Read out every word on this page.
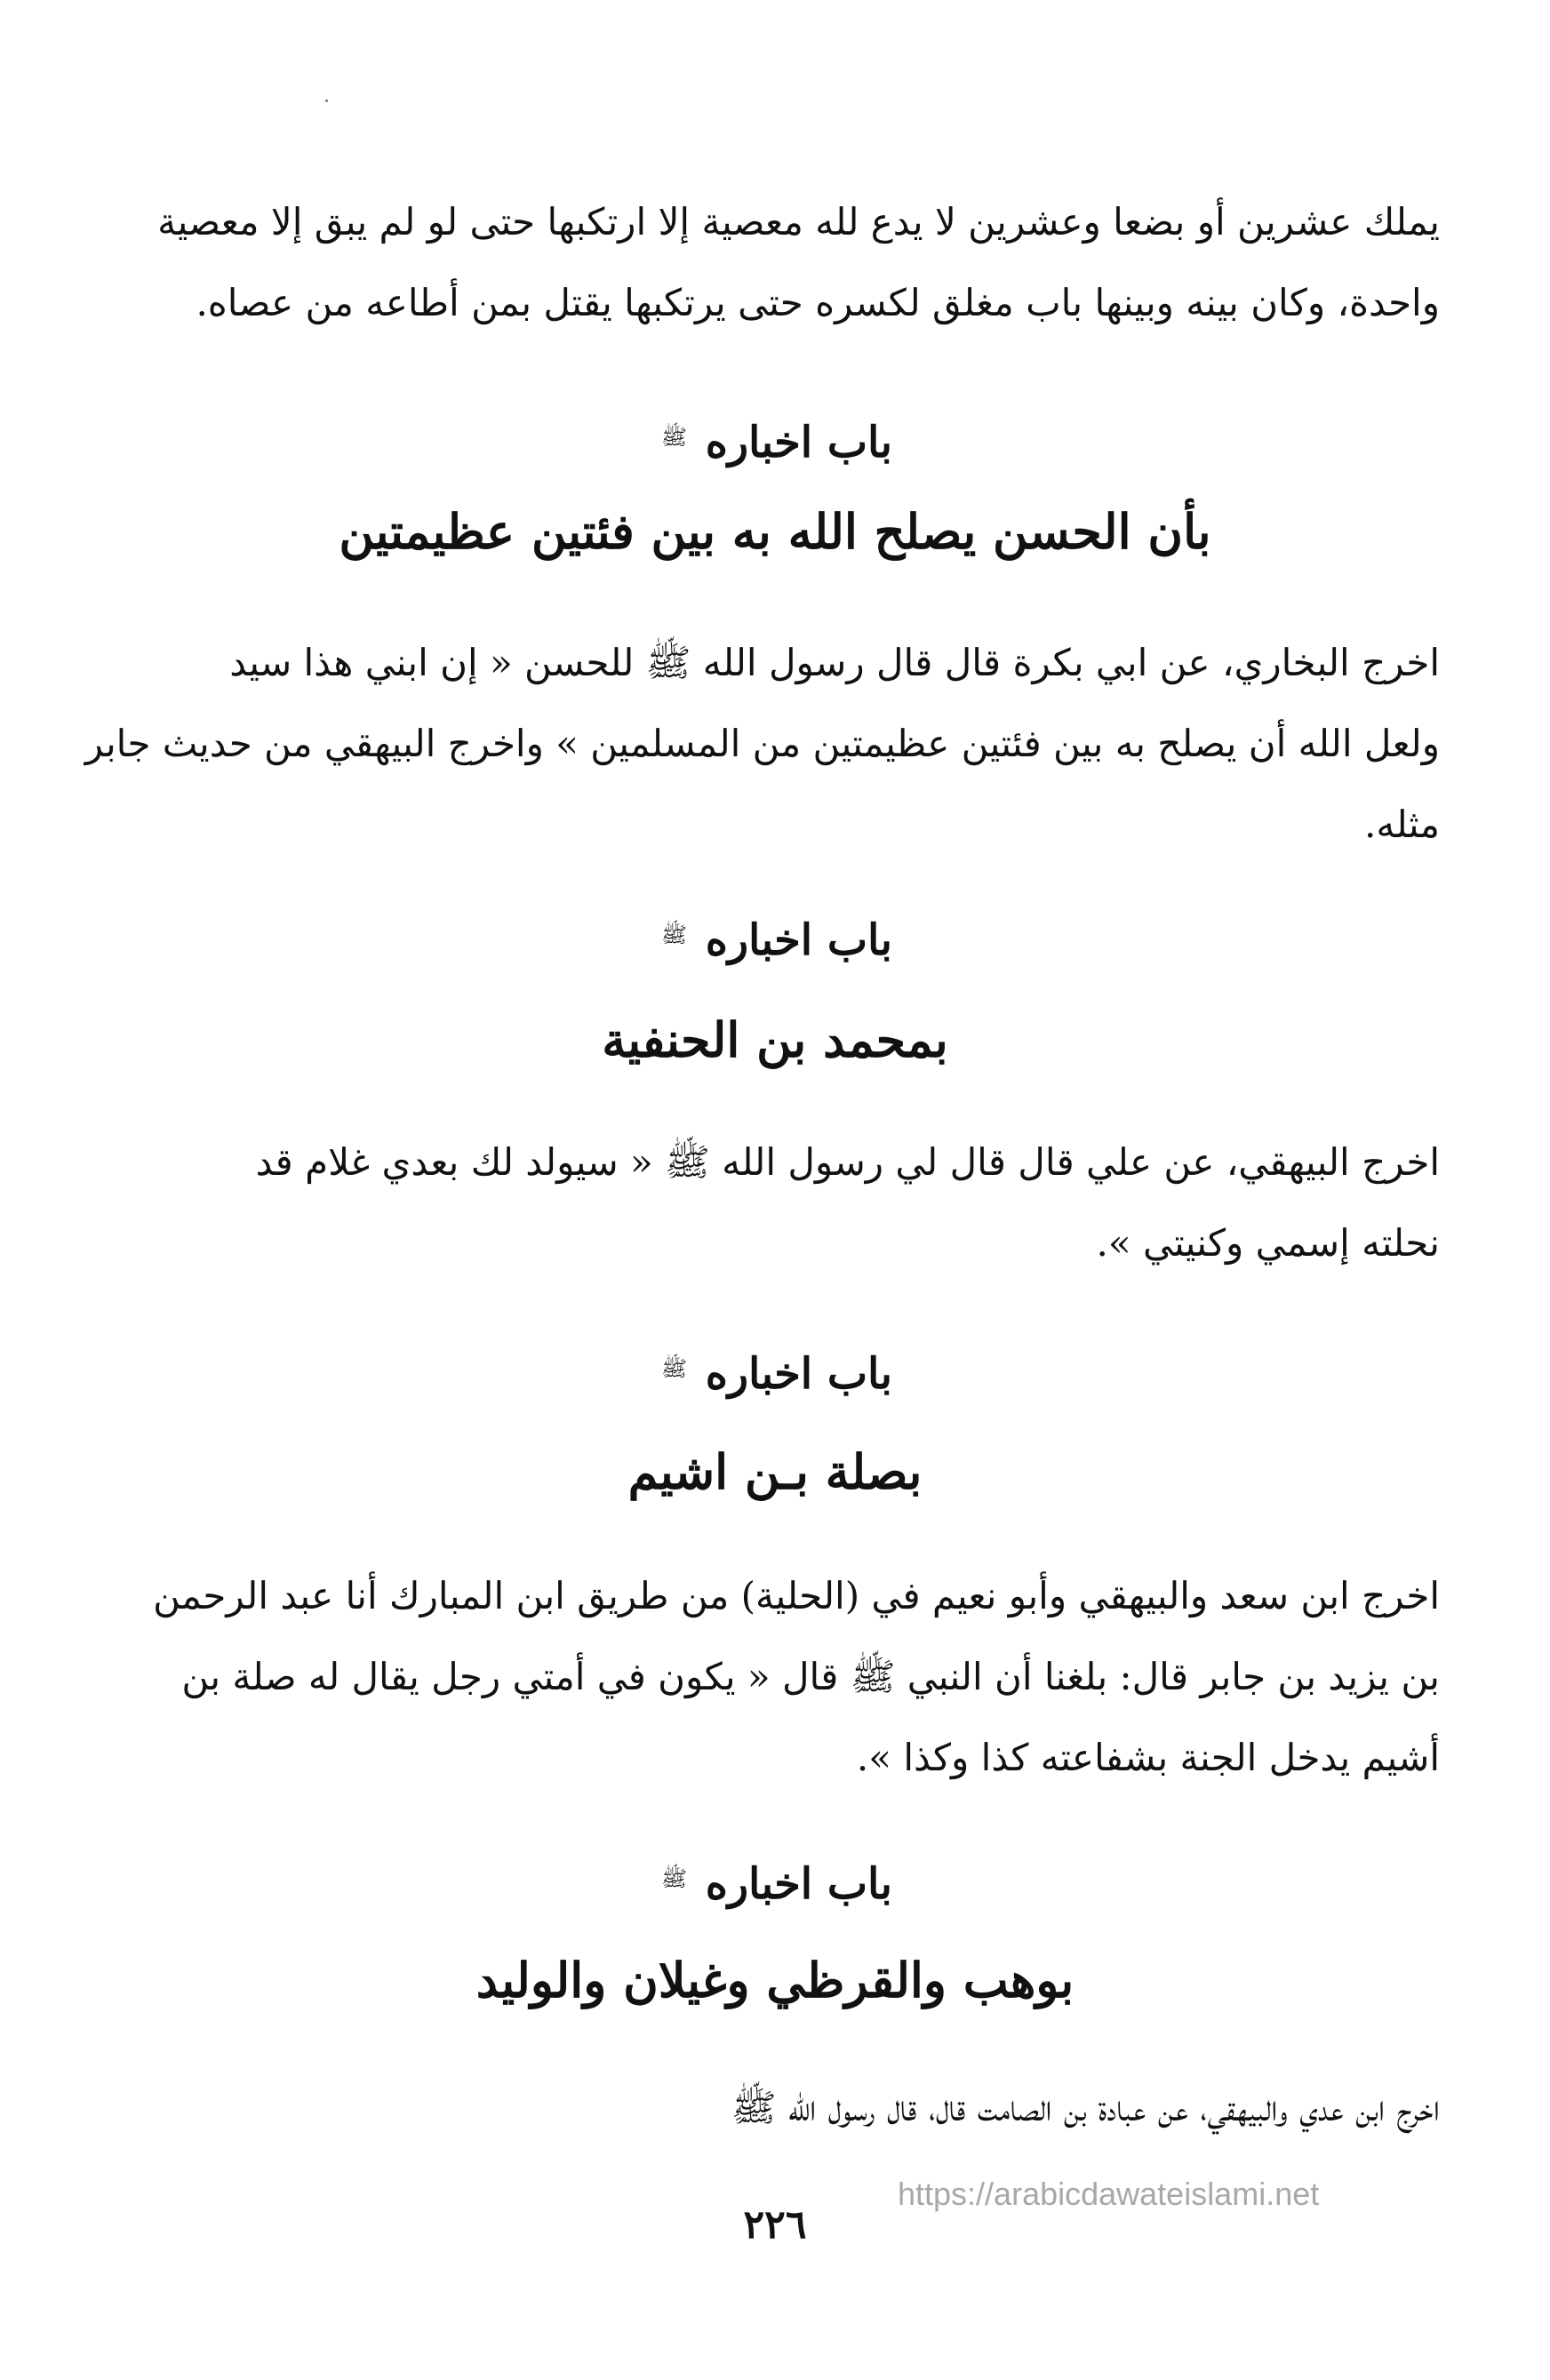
يملك عشرين أو بضعا وعشرين لا يدع لله معصية إلا ارتكبها حتى لو لم يبق إلا معصية
واحدة، وكان بينه وبينها باب مغلق لكسره حتى يرتكبها يقتل بمن أطاعه من عصاه.
باب اخباره ﷺ
بأن الحسن يصلح الله به بين فئتين عظيمتين
اخرج البخاري، عن ابي بكرة قال قال رسول الله ﷺ للحسن « إن ابني هذا سيد
ولعل الله أن يصلح به بين فئتين عظيمتين من المسلمين » واخرج البيهقي من حديث جابر
مثله.
باب اخباره ﷺ
بمحمد بن الحنفية
اخرج البيهقي، عن علي قال قال لي رسول الله ﷺ « سيولد لك بعدي غلام قد
نحلته إسمي وكنيتي ».
باب اخباره ﷺ
بصلة بـن اشيم
اخرج ابن سعد والبيهقي وأبو نعيم في (الحلية) من طريق ابن المبارك أنا عبد الرحمن
بن يزيد بن جابر قال: بلغنا أن النبي ﷺ قال « يكون في أمتي رجل يقال له صلة بن
أشيم يدخل الجنة بشفاعته كذا وكذا ».
باب اخباره ﷺ
بوهب والقرظي وغيلان والوليد
اخرج ابن عدي والبيهقي، عن عبادة بن الصامت قال، قال رسول الله ﷺ
https://arabicdawateislami.net
٢٢٦
